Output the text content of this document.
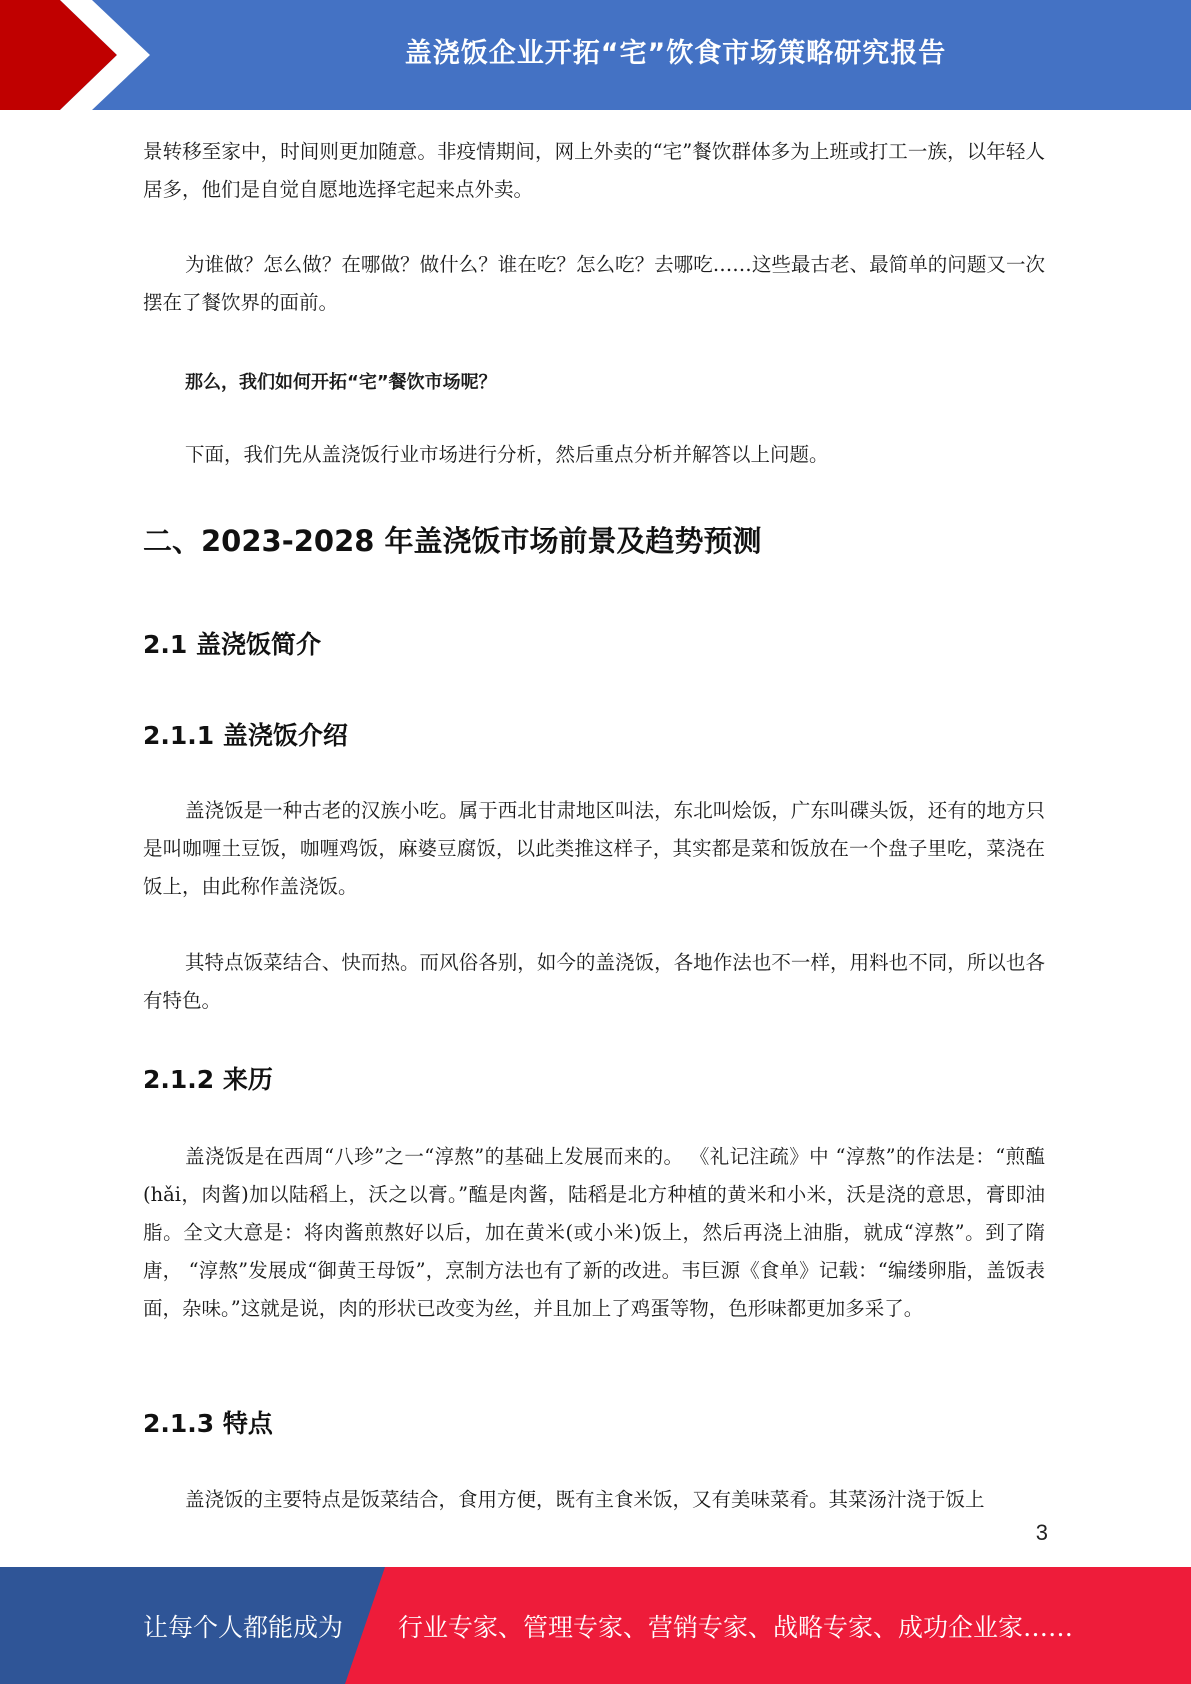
盖浇饭企业开拓“宅”饮食市场策略研究报告

景转移至家中，时间则更加随意。非疫情期间，网上外卖的“宅”餐饮群体多为上班或打工一族，以年轻人居多，他们是自觉自愿地选择宅起来点外卖。

为谁做？怎么做？在哪做？做什么？谁在吃？怎么吃？去哪吃……这些最古老、最简单的问题又一次摆在了餐饮界的面前。

那么，我们如何开拓“宅”餐饮市场呢？

下面，我们先从盖浇饭行业市场进行分析，然后重点分析并解答以上问题。

二、2023-2028 年盖浇饭市场前景及趋势预测
2.1 盖浇饭简介
2.1.1 盖浇饭介绍

盖浇饭是一种古老的汉族小吃。属于西北甘肃地区叫法，东北叫烩饭，广东叫碟头饭，还有的地方只是叫咖喱土豆饭，咖喱鸡饭，麻婆豆腐饭，以此类推这样子，其实都是菜和饭放在一个盘子里吃，菜浇在饭上，由此称作盖浇饭。

其特点饭菜结合、快而热。而风俗各别，如今的盖浇饭，各地作法也不一样，用料也不同，所以也各有特色。

2.1.2 来历

盖浇饭是在西周“八珍”之一“淳熬”的基础上发展而来的。 《礼记注疏》中 “淳熬”的作法是：“煎醢(hǎi，肉酱)加以陆稻上，沃之以膏。”醢是肉酱，陆稻是北方种植的黄米和小米，沃是浇的意思，膏即油脂。全文大意是：将肉酱煎熬好以后，加在黄米(或小米)饭上，然后再浇上油脂，就成“淳熬”。到了隋唐， “淳熬”发展成“御黄王母饭”，烹制方法也有了新的改进。韦巨源《食单》记载：“编缕卵脂，盖饭表面，杂味。”这就是说，肉的形状已改变为丝，并且加上了鸡蛋等物，色形味都更加多采了。

2.1.3 特点

盖浇饭的主要特点是饭菜结合，食用方便，既有主食米饭，又有美味菜肴。其菜汤汁浇于饭上

3
让每个人都能成为 行业专家、管理专家、营销专家、战略专家、成功企业家……
